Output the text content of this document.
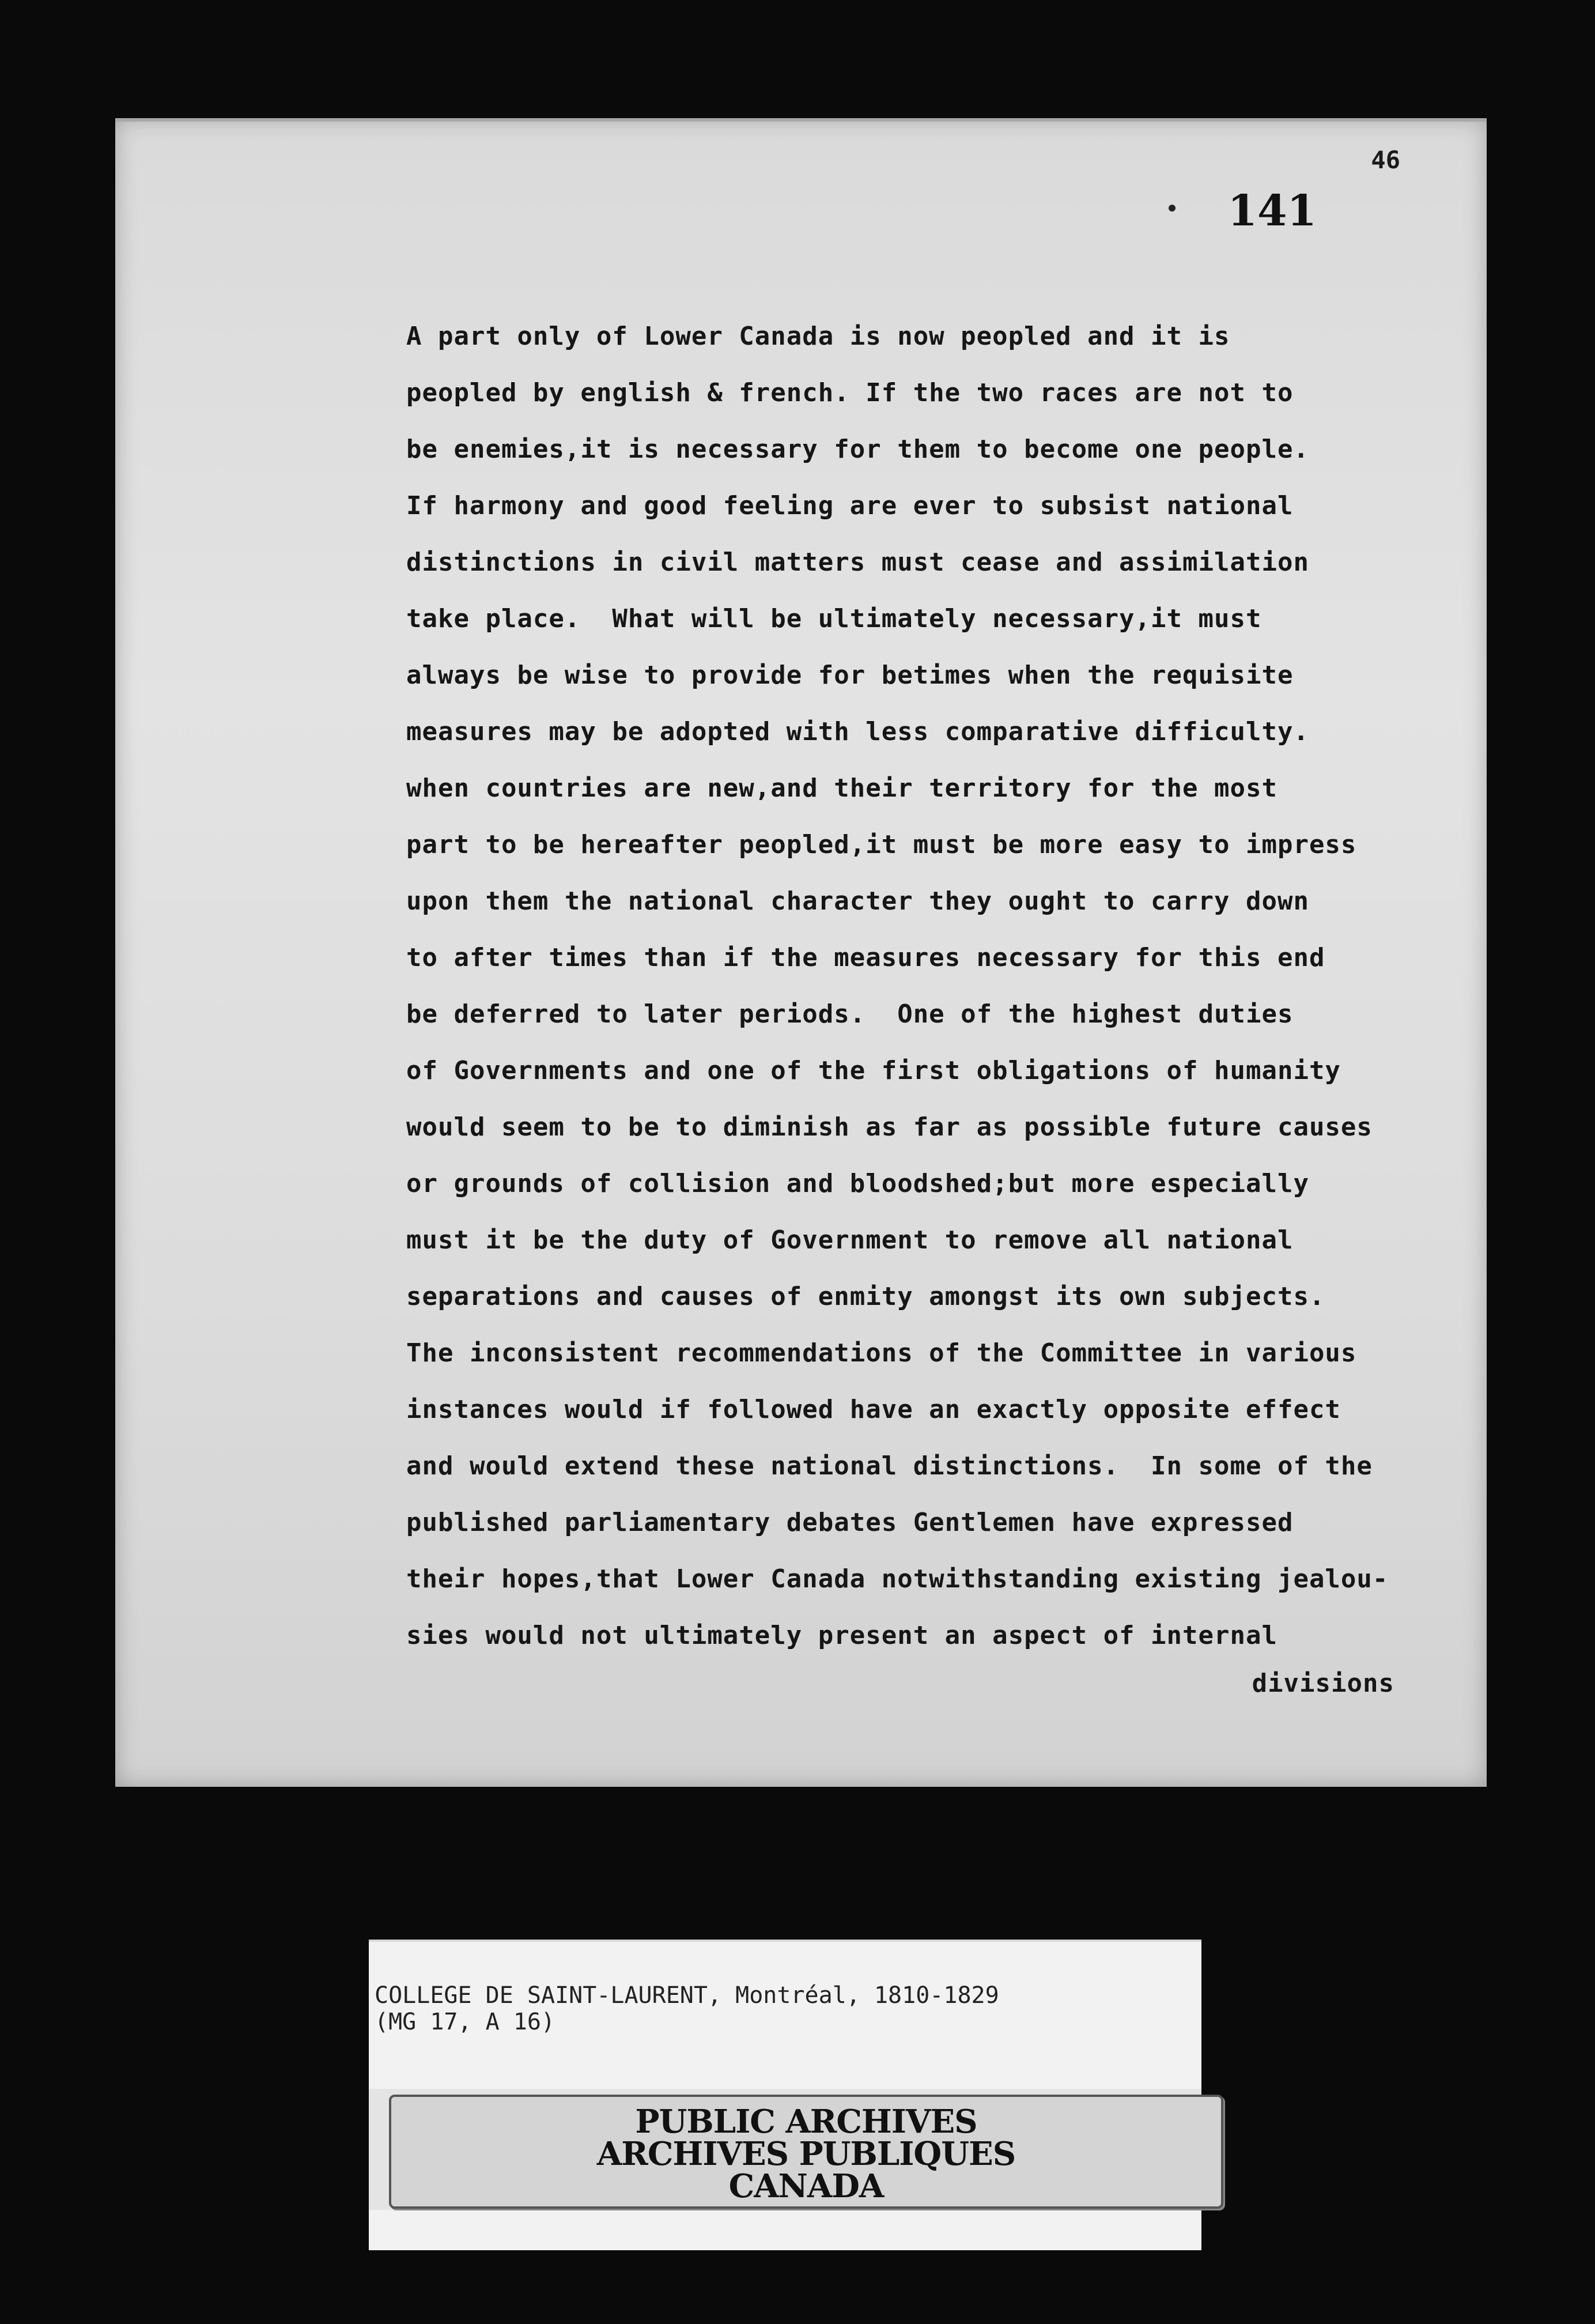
46
141
A part only of Lower Canada is now peopled and it is
peopled by english & french. If the two races are not to
be enemies,it is necessary for them to become one people.
If harmony and good feeling are ever to subsist national
distinctions in civil matters must cease and assimilation
take place.  What will be ultimately necessary,it must
always be wise to provide for betimes when the requisite
measures may be adopted with less comparative difficulty.
when countries are new,and their territory for the most
part to be hereafter peopled,it must be more easy to impress
upon them the national character they ought to carry down
to after times than if the measures necessary for this end
be deferred to later periods.  One of the highest duties
of Governments and one of the first obligations of humanity
would seem to be to diminish as far as possible future causes
or grounds of collision and bloodshed;but more especially
must it be the duty of Government to remove all national
separations and causes of enmity amongst its own subjects.
The inconsistent recommendations of the Committee in various
instances would if followed have an exactly opposite effect
and would extend these national distinctions.  In some of the
published parliamentary debates Gentlemen have expressed
their hopes,that Lower Canada notwithstanding existing jealou-
sies would not ultimately present an aspect of internal
divisions
COLLEGE DE SAINT-LAURENT, Montréal, 1810-1829
(MG 17, A 16)
PUBLIC ARCHIVES
ARCHIVES PUBLIQUES
CANADA
